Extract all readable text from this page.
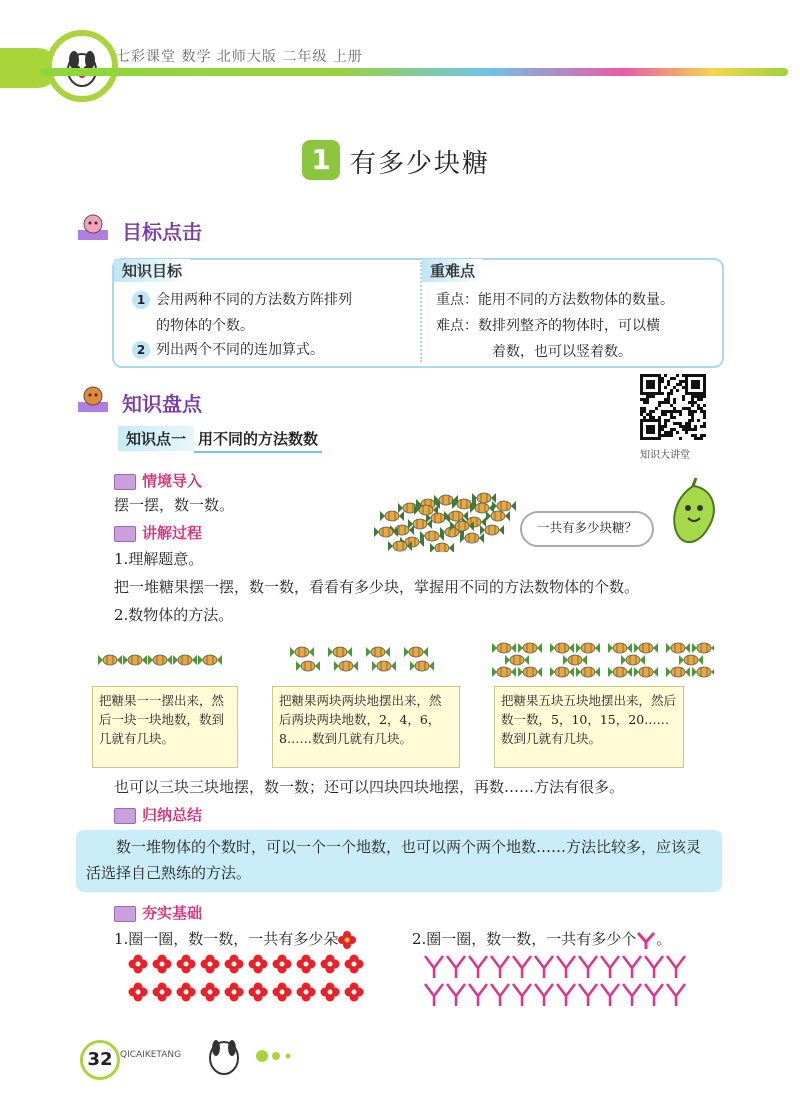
七彩课堂 数学 北师大版 二年级 上册
1 有多少块糖
目标点击
知识目标	重难点
1 会用两种不同的方法数方阵排列
的物体的个数。
2 列出两个不同的连加算式。
重点：能用不同的方法数物体的数量。
难点：数排列整齐的物体时，可以横
着数，也可以竖着数。
知识盘点
知识点一 用不同的方法数数
知识大讲堂
情境导入
摆一摆，数一数。
一共有多少块糖？
讲解过程
1.理解题意。
把一堆糖果摆一摆，数一数，看看有多少块，掌握用不同的方法数物体的个数。
2.数物体的方法。
把糖果一一摆出来，然后一块一块地数，数到几就有几块。
把糖果两块两块地摆出来，然后两块两块地数，2，4，6，8……数到几就有几块。
把糖果五块五块地摆出来，然后数一数，5，10，15，20……数到几就有几块。
也可以三块三块地摆，数一数；还可以四块四块地摆，再数……方法有很多。
归纳总结
数一堆物体的个数时，可以一个一个地数，也可以两个两个地数……方法比较多，应该灵活选择自己熟练的方法。
夯实基础
1.圈一圈，数一数，一共有多少朵	2.圈一圈，数一数，一共有多少个 。
32 QICAIKETANG
